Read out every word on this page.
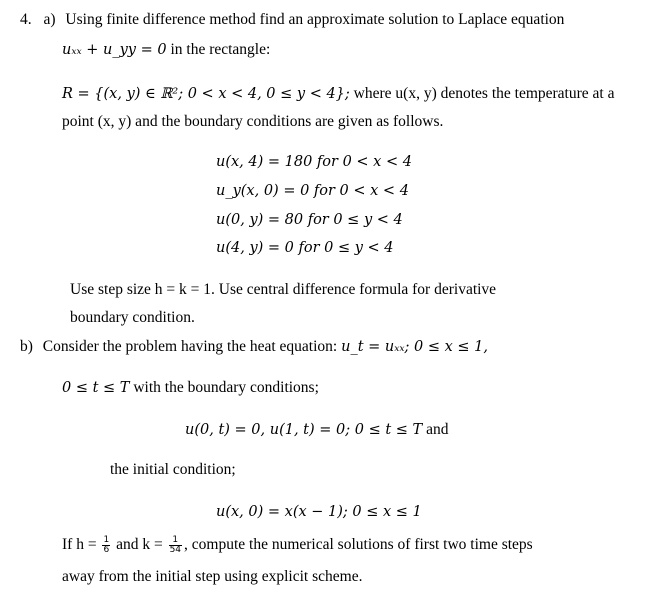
4. a) Using finite difference method find an approximate solution to Laplace equation
uₓₓ + u_yy = 0 in the rectangle:
R = {(x, y) ∈ ℝ²; 0 < x < 4, 0 ≤ y < 4}; where u(x, y) denotes the temperature at a
point (x, y) and the boundary conditions are given as follows.
u(x, 4) = 180 for 0 < x < 4
u_y(x, 0) = 0 for 0 < x < 4
u(0, y) = 80 for 0 ≤ y < 4
u(4, y) = 0 for 0 ≤ y < 4
Use step size h = k = 1. Use central difference formula for derivative
boundary condition.
b) Consider the problem having the heat equation: u_t = uₓₓ; 0 ≤ x ≤ 1,
0 ≤ t ≤ T with the boundary conditions;
u(0, t) = 0, u(1, t) = 0; 0 ≤ t ≤ T and
the initial condition;
u(x, 0) = x(x − 1); 0 ≤ x ≤ 1
If $h = \frac{1}{6}$ and $k = \frac{1}{54}$ , compute the numerical solutions of first two time steps
away from the initial step using explicit scheme.
